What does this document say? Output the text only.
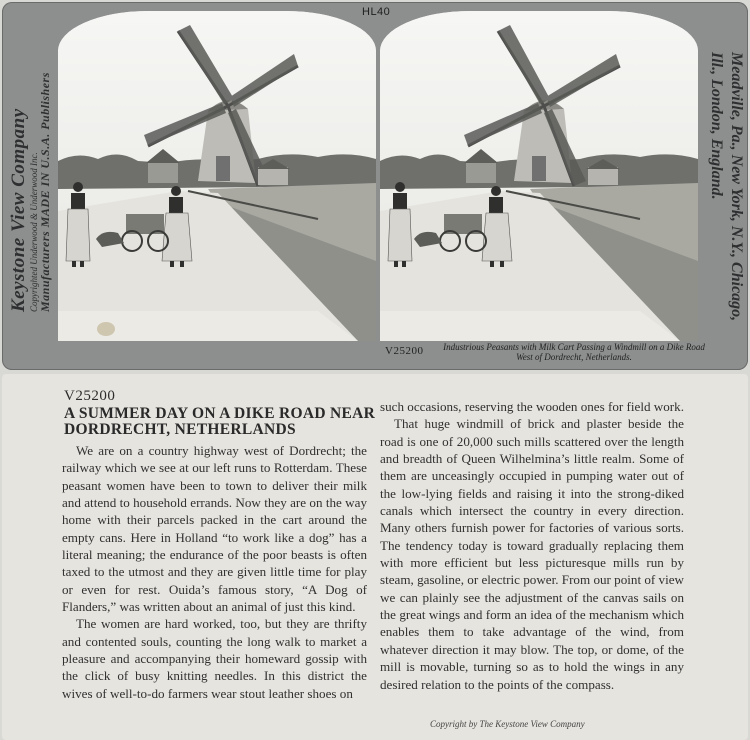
Keystone View Company Copyrighted Underwood & Underwood Inc. Manufacturers MADE IN U.S.A. Publishers
HL40
Meadville, Pa., New York, N.Y., Chicago, Ill., London, England.
V25200	Industrious Peasants with Milk Cart Passing a Windmill on a Dike Road West of Dordrecht, Netherlands.
V25200
A SUMMER DAY ON A DIKE ROAD NEAR DORDRECHT, NETHERLANDS

We are on a country highway west of Dordrecht; the railway which we see at our left runs to Rotterdam. These peasant women have been to town to deliver their milk and attend to household errands. Now they are on the way home with their parcels packed in the cart around the empty cans. Here in Holland “to work like a dog” has a literal meaning; the endurance of the poor beasts is often taxed to the utmost and they are given little time for play or even for rest. Ouida’s famous story, “A Dog of Flanders,” was written about an animal of just this kind.

The women are hard worked, too, but they are thrifty and contented souls, counting the long walk to market a pleasure and accompanying their homeward gossip with the click of busy knitting needles. In this district the wives of well-to-do farmers wear stout leather shoes on

such occasions, reserving the wooden ones for field work.

That huge windmill of brick and plaster beside the road is one of 20,000 such mills scattered over the length and breadth of Queen Wilhelmina’s little realm. Some of them are unceasingly occupied in pumping water out of the low-lying fields and raising it into the strong-diked canals which intersect the country in every direction. Many others furnish power for factories of various sorts. The tendency today is toward gradually replacing them with more efficient but less picturesque mills run by steam, gasoline, or electric power. From our point of view we can plainly see the adjustment of the canvas sails on the great wings and form an idea of the mechanism which enables them to take advantage of the wind, from whatever direction it may blow. The top, or dome, of the mill is movable, turning so as to hold the wings in any desired relation to the points of the compass.

Copyright by The Keystone View Company
